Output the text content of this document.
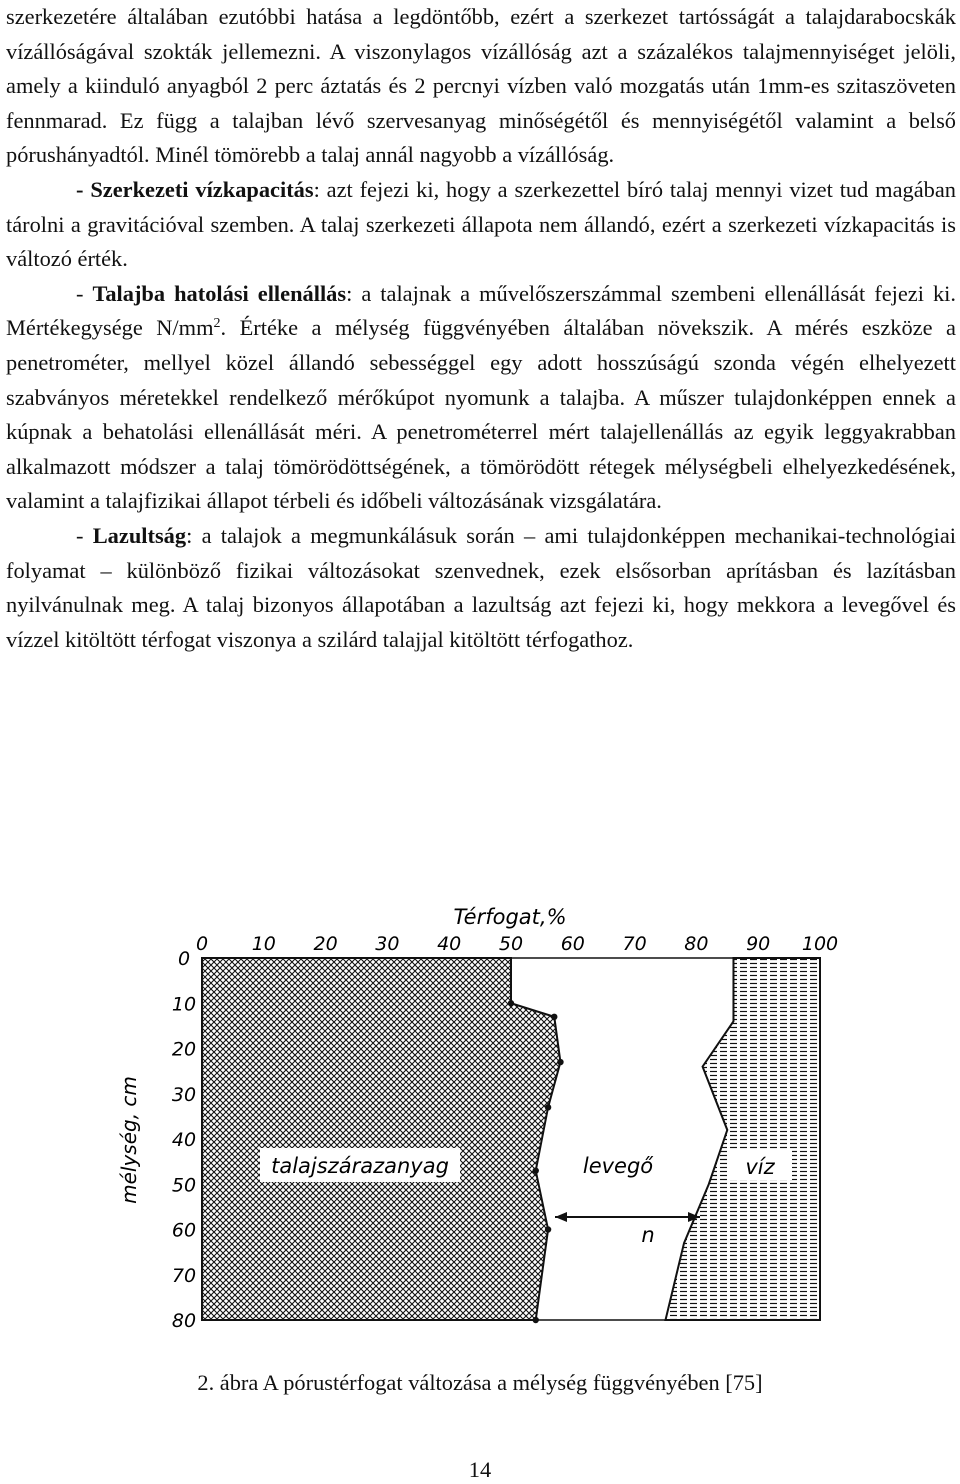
szerkezetére általában ezutóbbi hatása a legdöntőbb, ezért a szerkezet tartósságát a talajdarabocskák vízállóságával szokták jellemezni. A viszonylagos vízállóság azt a százalékos talajmennyiséget jelöli, amely a kiinduló anyagból 2 perc áztatás és 2 percnyi vízben való mozgatás után 1mm-es szitaszöveten fennmarad. Ez függ a talajban lévő szervesanyag minőségétől és mennyiségétől valamint a belső pórushányadtól. Minél tömörebb a talaj annál nagyobb a vízállóság.

- Szerkezeti vízkapacitás: azt fejezi ki, hogy a szerkezettel bíró talaj mennyi vizet tud magában tárolni a gravitációval szemben. A talaj szerkezeti állapota nem állandó, ezért a szerkezeti vízkapacitás is változó érték.

- Talajba hatolási ellenállás: a talajnak a művelőszerszámmal szembeni ellenállását fejezi ki. Mértékegysége $N/mm^2$. Értéke a mélység függvényében általában növekszik. A mérés eszköze a penetrométer, mellyel közel állandó sebességgel egy adott hosszúságú szonda végén elhelyezett szabványos méretekkel rendelkező mérőkúpot nyomunk a talajba. A műszer tulajdonképpen ennek a kúpnak a behatolási ellenállását méri. A penetrométerrel mért talajellenállás az egyik leggyakrabban alkalmazott módszer a talaj tömörödöttségének, a tömörödött rétegek mélységbeli elhelyezkedésének, valamint a talajfizikai állapot térbeli és időbeli változásának vizsgálatára.

- Lazultság: a talajok a megmunkálásuk során – ami tulajdonképpen mechanikai-technológiai folyamat – különböző fizikai változásokat szenvednek, ezek elsősorban aprításban és lazításban nyilvánulnak meg. A talaj bizonyos állapotában a lazultság azt fejezi ki, hogy mekkora a levegővel és vízzel kitöltött térfogat viszonya a szilárd talajjal kitöltött térfogathoz.

0 10 20 30 40 50 60 70 80 90 100
0
10
20
30
40
50
60
70
80
Térfogat,%
mélység, cm	talajszárazanyag	levegő	víz
n
2. ábra A pórustérfogat változása a mélység függvényében [75]
14
